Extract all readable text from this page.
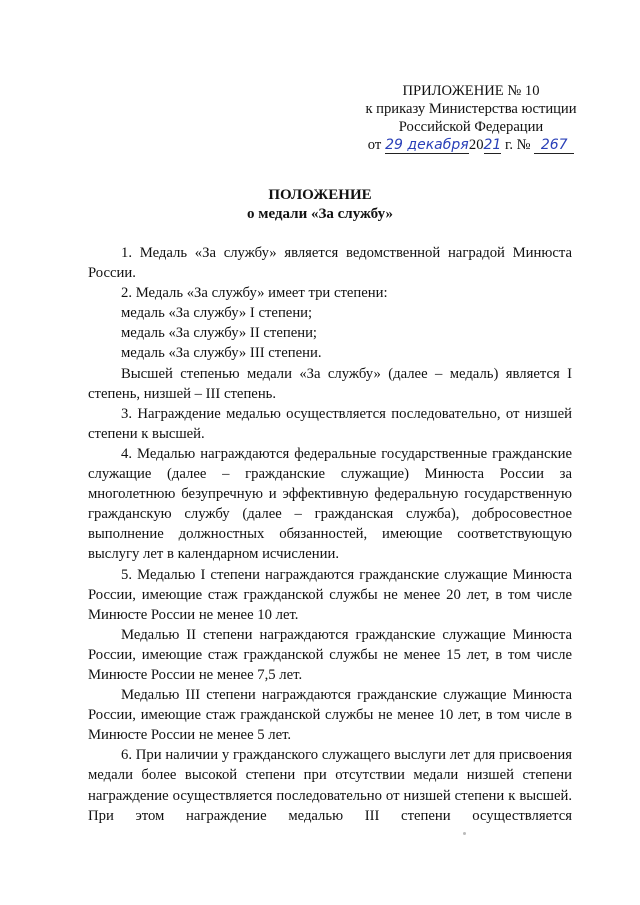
ПРИЛОЖЕНИЕ № 10
к приказу Министерства юстиции
Российской Федерации
от 29 декабря2021 г. № 267
ПОЛОЖЕНИЕ
о медали «За службу»

1. Медаль «За службу» является ведомственной наградой Минюста России.

2. Медаль «За службу» имеет три степени:

медаль «За службу» I степени;

медаль «За службу» II степени;

медаль «За службу» III степени.

Высшей степенью медали «За службу» (далее – медаль) является I степень, низшей – III степень.

3. Награждение медалью осуществляется последовательно, от низшей степени к высшей.

4. Медалью награждаются федеральные государственные гражданские служащие (далее – гражданские служащие) Минюста России за многолетнюю безупречную и эффективную федеральную государственную гражданскую службу (далее – гражданская служба), добросовестное выполнение должностных обязанностей, имеющие соответствующую выслугу лет в календарном исчислении.

5. Медалью I степени награждаются гражданские служащие Минюста России, имеющие стаж гражданской службы не менее 20 лет, в том числе Минюсте России не менее 10 лет.

Медалью II степени награждаются гражданские служащие Минюста России, имеющие стаж гражданской службы не менее 15 лет, в том числе Минюсте России не менее 7,5 лет.

Медалью III степени награждаются гражданские служащие Минюста России, имеющие стаж гражданской службы не менее 10 лет, в том числе в Минюсте России не менее 5 лет.

6. При наличии у гражданского служащего выслуги лет для присвоения медали более высокой степени при отсутствии медали низшей степени награждение осуществляется последовательно от низшей степени к высшей. При этом награждение медалью III степени осуществляется
